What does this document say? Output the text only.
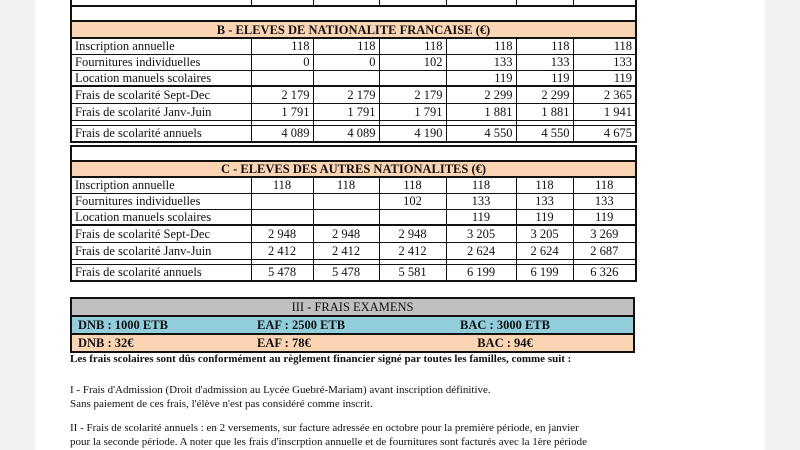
B - ELEVES DE NATIONALITE FRANCAISE (€)						
Inscription annuelle	118	118	118	118	118	118
Fournitures individuelles	0	0	102	133	133	133
Location manuels scolaires				119	119	119
Frais de scolarité Sept-Dec	2 179	2 179	2 179	2 299	2 299	2 365
Frais de scolarité Janv-Juin	1 791	1 791	1 791	1 881	1 881	1 941

Frais de scolarité annuels	4 089	4 089	4 190	4 550	4 550	4 675

C - ELEVES DES AUTRES NATIONALITES (€)						
Inscription annuelle	118	118	118	118	118	118
Fournitures individuelles			102	133	133	133
Location manuels scolaires				119	119	119
Frais de scolarité Sept-Dec	2 948	2 948	2 948	3 205	3 205	3 269
Frais de scolarité Janv-Juin	2 412	2 412	2 412	2 624	2 624	2 687

Frais de scolarité annuels	5 478	5 478	5 581	6 199	6 199	6 326
III - FRAIS EXAMENS
DNB : 1000 ETB	EAF : 2500 ETB	BAC : 3000 ETB
DNB : 32€	EAF : 78€	BAC : 94€
Les frais scolaires sont dûs conformément au règlement financier signé par toutes les familles, comme suit :
I - Frais d'Admission (Droit d'admission au Lycée Guebré-Mariam) avant inscription définitive.
Sans paiement de ces frais, l'élève n'est pas considéré comme inscrit.
II - Frais de scolarité annuels : en 2 versements, sur facture adressée en octobre pour la première période, en janvier
pour la seconde période. A noter que les frais d'inscrption annuelle et de fournitures sont facturés avec la 1ère période
